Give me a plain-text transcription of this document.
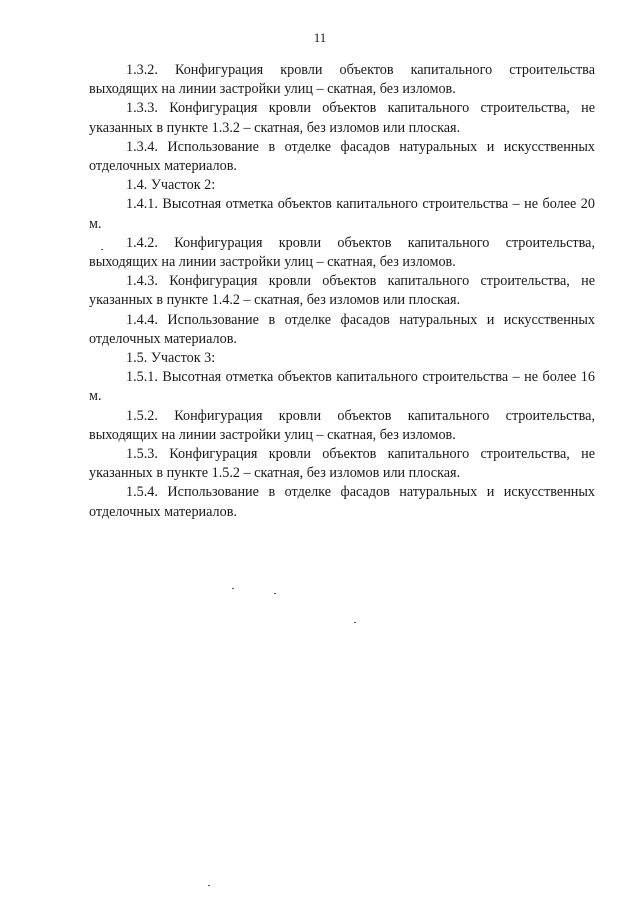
11

1.3.2. Конфигурация кровли объектов капитального строительства выходящих на линии застройки улиц – скатная, без изломов.

1.3.3. Конфигурация кровли объектов капитального строительства, не указанных в пункте 1.3.2 – скатная, без изломов или плоская.

1.3.4. Использование в отделке фасадов натуральных и искусственных отделочных материалов.

1.4. Участок 2:

1.4.1. Высотная отметка объектов капитального строительства – не более 20 м.

1.4.2. Конфигурация кровли объектов капитального строительства, выходящих на линии застройки улиц – скатная, без изломов.

1.4.3. Конфигурация кровли объектов капитального строительства, не указанных в пункте 1.4.2 – скатная, без изломов или плоская.

1.4.4. Использование в отделке фасадов натуральных и искусственных отделочных материалов.

1.5. Участок 3:

1.5.1. Высотная отметка объектов капитального строительства – не более 16 м.

1.5.2. Конфигурация кровли объектов капитального строительства, выходящих на линии застройки улиц – скатная, без изломов.

1.5.3. Конфигурация кровли объектов капитального строительства, не указанных в пункте 1.5.2 – скатная, без изломов или плоская.

1.5.4. Использование в отделке фасадов натуральных и искусственных отделочных материалов.
